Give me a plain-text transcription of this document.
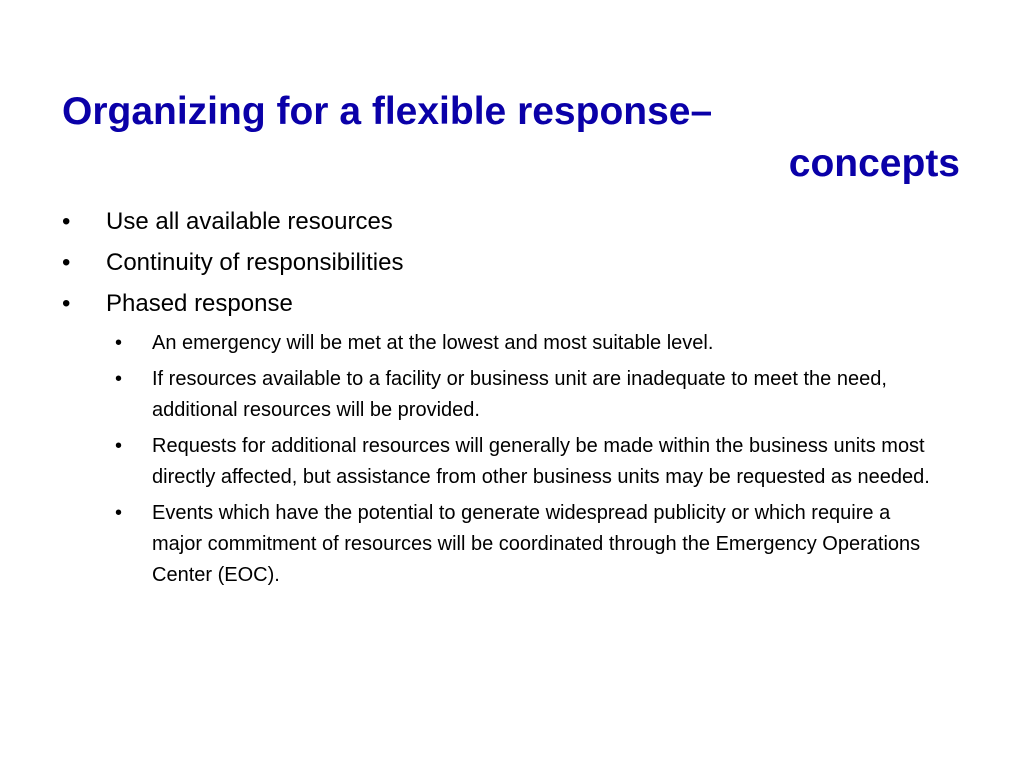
Organizing for a flexible response–
concepts
• Use all available resources
• Continuity of responsibilities
• Phased response
• An emergency will be met at the lowest and most suitable level.
• If resources available to a facility or business unit are inadequate to meet the need, additional resources will be provided.
• Requests for additional resources will generally be made within the business units most directly affected, but assistance from other business units may be requested as needed.
• Events which have the potential to generate widespread publicity or which require a major commitment of resources will be coordinated through the Emergency Operations Center (EOC).
